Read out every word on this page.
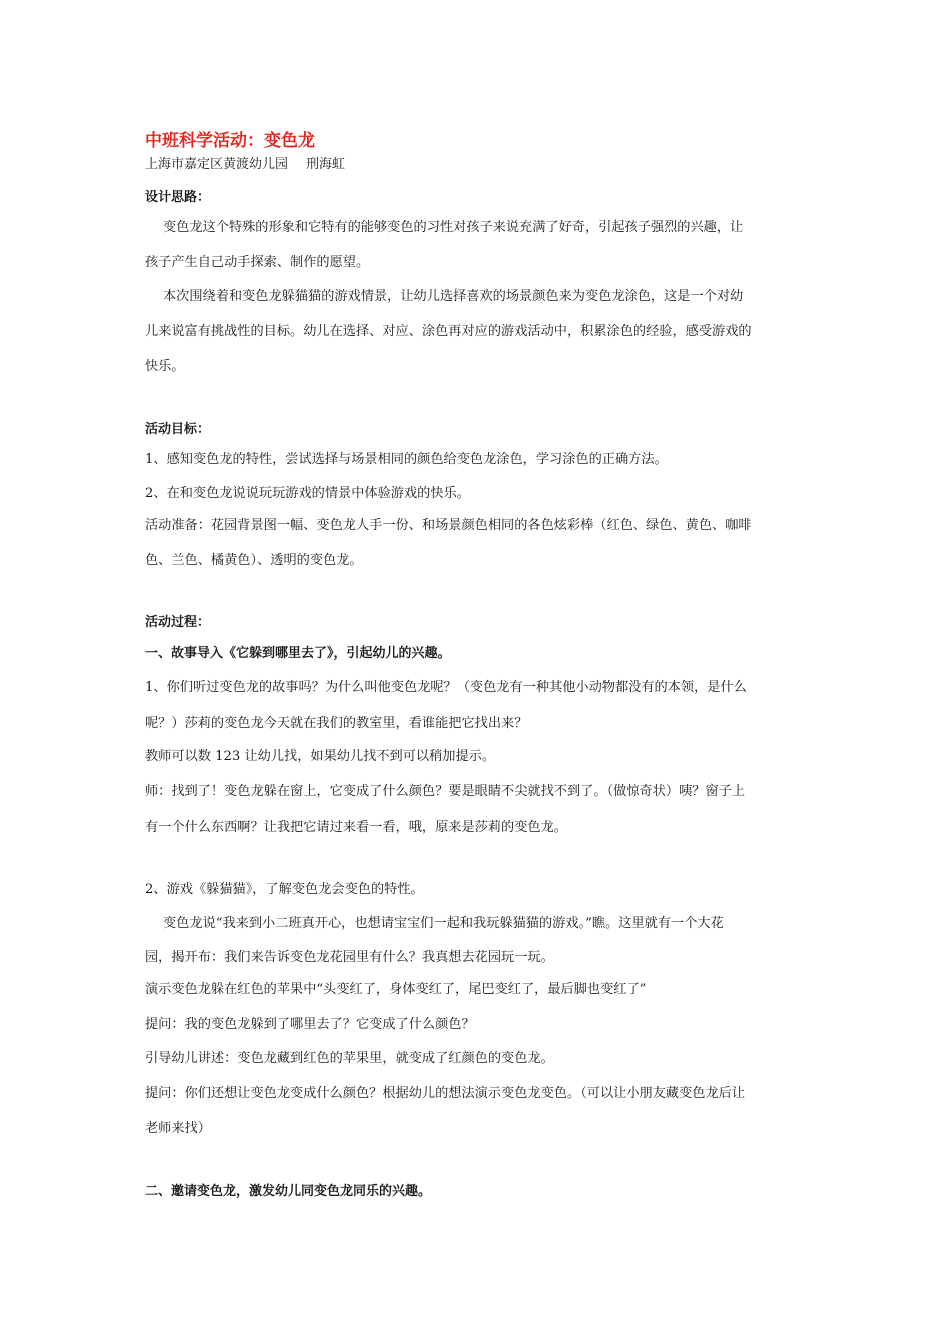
中班科学活动：变色龙
上海市嘉定区黄渡幼儿园 刑海虹
设计思路：
变色龙这个特殊的形象和它特有的能够变色的习性对孩子来说充满了好奇，引起孩子强烈的兴趣，让
孩子产生自己动手探索、制作的愿望。
本次围绕着和变色龙躲猫猫的游戏情景，让幼儿选择喜欢的场景颜色来为变色龙涂色，这是一个对幼
儿来说富有挑战性的目标。幼儿在选择、对应、涂色再对应的游戏活动中，积累涂色的经验，感受游戏的
快乐。
活动目标：
1、感知变色龙的特性，尝试选择与场景相同的颜色给变色龙涂色，学习涂色的正确方法。
2、在和变色龙说说玩玩游戏的情景中体验游戏的快乐。
活动准备：花园背景图一幅、变色龙人手一份、和场景颜色相同的各色炫彩棒（红色、绿色、黄色、咖啡
色、兰色、橘黄色）、透明的变色龙。
活动过程：
一、故事导入《它躲到哪里去了》，引起幼儿的兴趣。
1、你们听过变色龙的故事吗？为什么叫他变色龙呢？（变色龙有一种其他小动物都没有的本领，是什么
呢？）莎莉的变色龙今天就在我们的教室里，看谁能把它找出来？
教师可以数 123 让幼儿找，如果幼儿找不到可以稍加提示。
师：找到了！变色龙躲在窗上，它变成了什么颜色？要是眼睛不尖就找不到了。（做惊奇状）咦？窗子上
有一个什么东西啊？让我把它请过来看一看，哦，原来是莎莉的变色龙。
2、游戏《躲猫猫》，了解变色龙会变色的特性。
变色龙说“我来到小二班真开心，也想请宝宝们一起和我玩躲猫猫的游戏。”瞧。这里就有一个大花
园，揭开布：我们来告诉变色龙花园里有什么？我真想去花园玩一玩。
演示变色龙躲在红色的苹果中“头变红了，身体变红了，尾巴变红了，最后脚也变红了”
提问：我的变色龙躲到了哪里去了？它变成了什么颜色？
引导幼儿讲述：变色龙藏到红色的苹果里，就变成了红颜色的变色龙。
提问：你们还想让变色龙变成什么颜色？根据幼儿的想法演示变色龙变色。（可以让小朋友藏变色龙后让
老师来找）
二、邀请变色龙，激发幼儿同变色龙同乐的兴趣。
